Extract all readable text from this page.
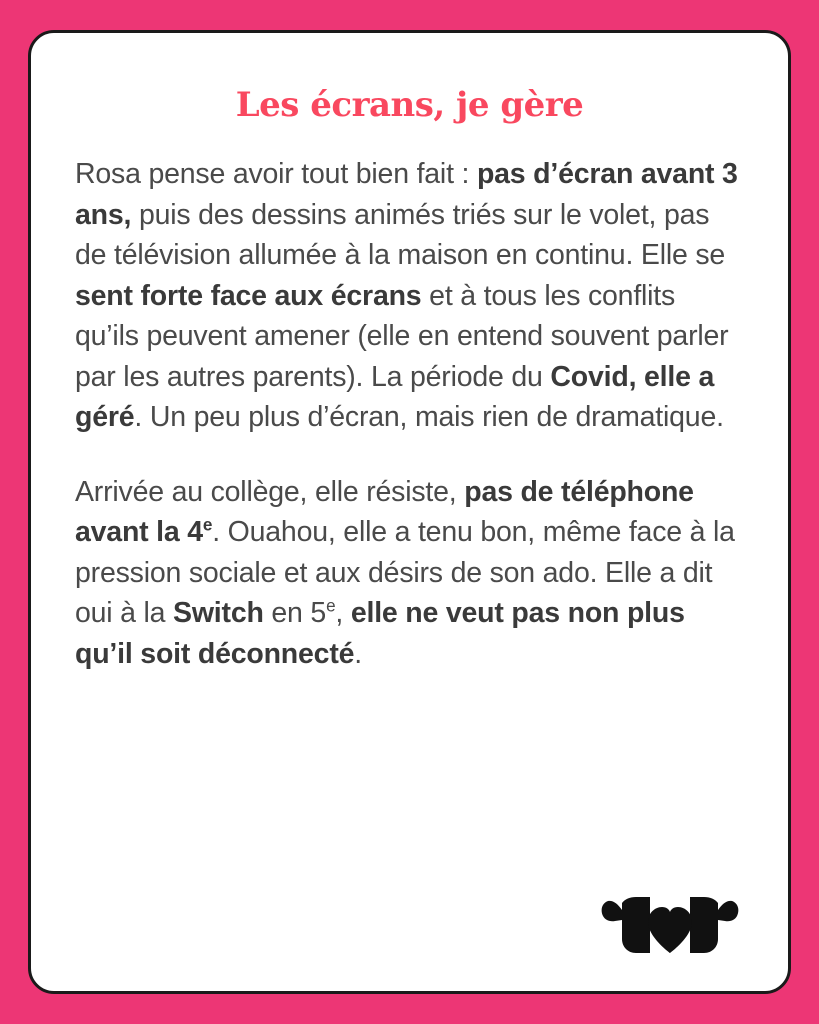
Les écrans, je gère

Rosa pense avoir tout bien fait : pas d’écran avant 3 ans, puis des dessins animés triés sur le volet, pas de télévision allumée à la maison en continu. Elle se sent forte face aux écrans et à tous les conflits qu’ils peuvent amener (elle en entend souvent parler par les autres parents). La période du Covid, elle a géré. Un peu plus d’écran, mais rien de dramatique.

Arrivée au collège, elle résiste, pas de téléphone avant la 4e. Ouahou, elle a tenu bon, même face à la pression sociale et aux désirs de son ado. Elle a dit oui à la Switch en 5e, elle ne veut pas non plus qu’il soit déconnecté.
